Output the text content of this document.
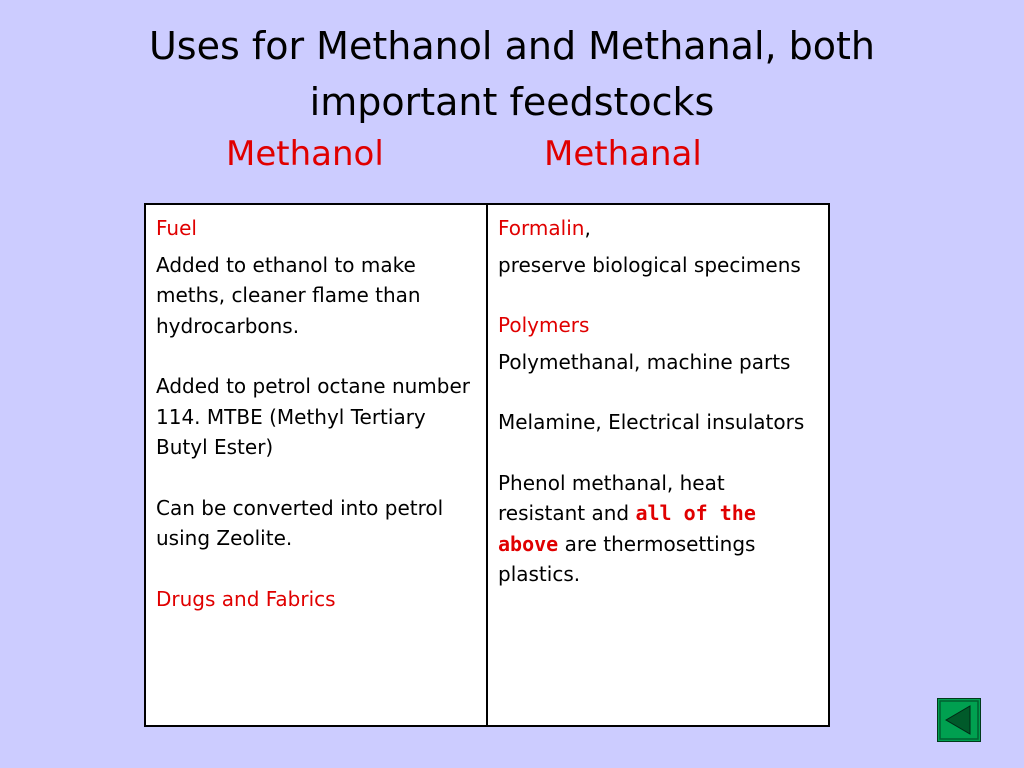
Uses for Methanol and Methanal, both important feedstocks
Methanol	Methanal
Fuel
Added to ethanol to make meths, cleaner flame than hydrocarbons.
Added to petrol octane number 114. MTBE (Methyl Tertiary Butyl Ester)
Can be converted into petrol using Zeolite.
Drugs and Fabrics

Formalin,
preserve biological specimens
Polymers
Polymethanal, machine parts
Melamine, Electrical insulators
Phenol methanal, heat resistant and all of the above are thermosettings plastics.
